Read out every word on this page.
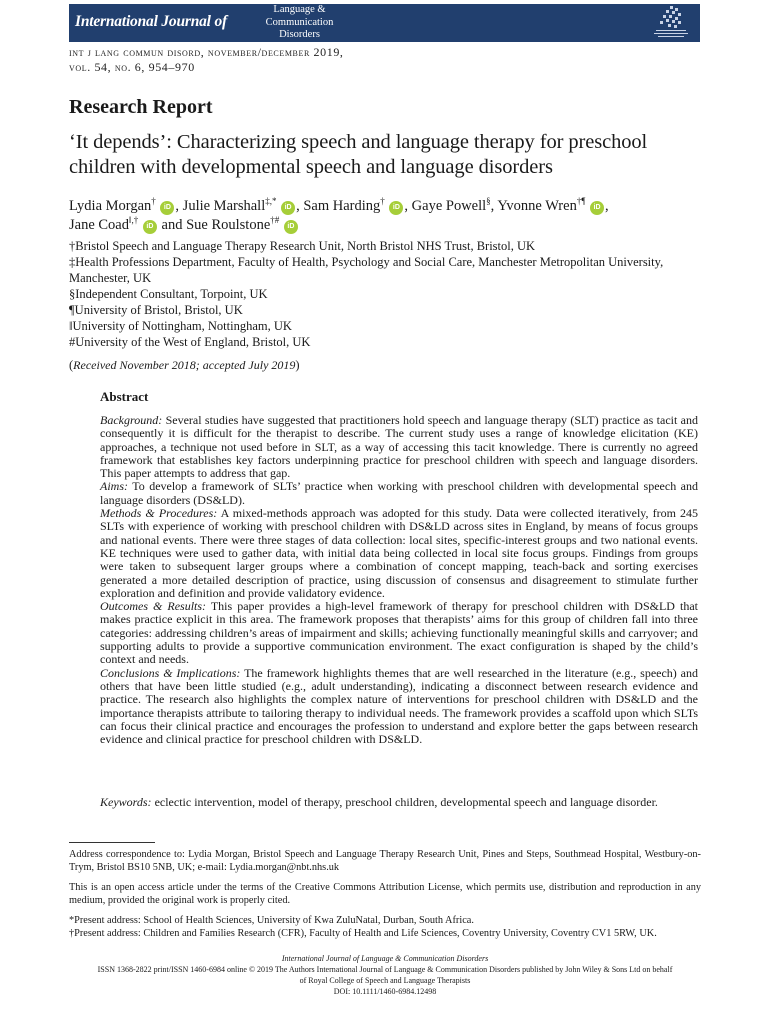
International Journal of
Language &
Communication
Disorders
int j lang commun disord, november/december 2019,
vol. 54, no. 6, 954–970
Research Report
‘It depends’: Characterizing speech and language therapy for preschool children with developmental speech and language disorders
Lydia Morgan† iD , Julie Marshall‡,* iD , Sam Harding† iD , Gaye Powell§, Yvonne Wren†¶ iD ,
Jane Coad‖,† iD and Sue Roulstone†# iD
†Bristol Speech and Language Therapy Research Unit, North Bristol NHS Trust, Bristol, UK
‡Health Professions Department, Faculty of Health, Psychology and Social Care, Manchester Metropolitan University,
Manchester, UK
§Independent Consultant, Torpoint, UK
¶University of Bristol, Bristol, UK
‖University of Nottingham, Nottingham, UK
#University of the West of England, Bristol, UK
(Received November 2018; accepted July 2019)
Abstract

Background: Several studies have suggested that practitioners hold speech and language therapy (SLT) practice as tacit and consequently it is difficult for the therapist to describe. The current study uses a range of knowledge elicitation (KE) approaches, a technique not used before in SLT, as a way of accessing this tacit knowledge. There is currently no agreed framework that establishes key factors underpinning practice for preschool children with speech and language disorders. This paper attempts to address that gap.

Aims: To develop a framework of SLTs’ practice when working with preschool children with developmental speech and language disorders (DS&LD).

Methods & Procedures: A mixed-methods approach was adopted for this study. Data were collected iteratively, from 245 SLTs with experience of working with preschool children with DS&LD across sites in England, by means of focus groups and national events. There were three stages of data collection: local sites, specific-interest groups and two national events. KE techniques were used to gather data, with initial data being collected in local site focus groups. Findings from groups were taken to subsequent larger groups where a combination of concept mapping, teach-back and sorting exercises generated a more detailed description of practice, using discussion of consensus and disagreement to stimulate further exploration and definition and provide validatory evidence.

Outcomes & Results: This paper provides a high-level framework of therapy for preschool children with DS&LD that makes practice explicit in this area. The framework proposes that therapists’ aims for this group of children fall into three categories: addressing children’s areas of impairment and skills; achieving functionally meaningful skills and carryover; and supporting adults to provide a supportive communication environment. The exact configuration is shaped by the child’s context and needs.

Conclusions & Implications: The framework highlights themes that are well researched in the literature (e.g., speech) and others that have been little studied (e.g., adult understanding), indicating a disconnect between research evidence and practice. The research also highlights the complex nature of interventions for preschool children with DS&LD and the importance therapists attribute to tailoring therapy to individual needs. The framework provides a scaffold upon which SLTs can focus their clinical practice and encourages the profession to understand and explore better the gaps between research evidence and clinical practice for preschool children with DS&LD.

Keywords: eclectic intervention, model of therapy, preschool children, developmental speech and language disorder.

Address correspondence to: Lydia Morgan, Bristol Speech and Language Therapy Research Unit, Pines and Steps, Southmead Hospital, Westbury-on-Trym, Bristol BS10 5NB, UK; e-mail: Lydia.morgan@nbt.nhs.uk

This is an open access article under the terms of the Creative Commons Attribution License, which permits use, distribution and reproduction in any medium, provided the original work is properly cited.

*Present address: School of Health Sciences, University of Kwa ZuluNatal, Durban, South Africa.
†Present address: Children and Families Research (CFR), Faculty of Health and Life Sciences, Coventry University, Coventry CV1 5RW, UK.
International Journal of Language & Communication Disorders
ISSN 1368-2822 print/ISSN 1460-6984 online © 2019 The Authors International Journal of Language & Communication Disorders published by John Wiley & Sons Ltd on behalf
of Royal College of Speech and Language Therapists
DOI: 10.1111/1460-6984.12498
